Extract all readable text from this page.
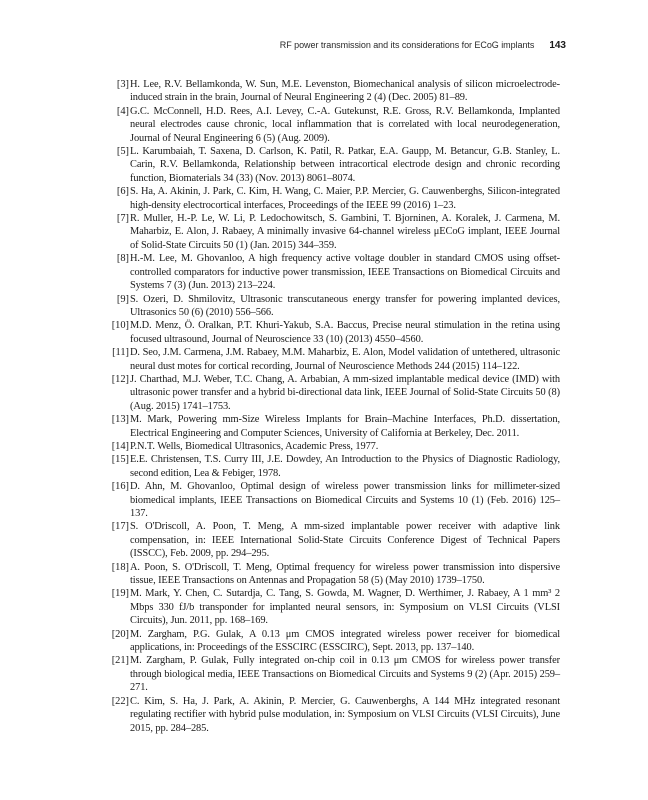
RF power transmission and its considerations for ECoG implants 143
[3] H. Lee, R.V. Bellamkonda, W. Sun, M.E. Levenston, Biomechanical analysis of silicon microelectrode-induced strain in the brain, Journal of Neural Engineering 2 (4) (Dec. 2005) 81–89.
[4] G.C. McConnell, H.D. Rees, A.I. Levey, C.-A. Gutekunst, R.E. Gross, R.V. Bellamkonda, Implanted neural electrodes cause chronic, local inflammation that is correlated with local neurodegeneration, Journal of Neural Engineering 6 (5) (Aug. 2009).
[5] L. Karumbaiah, T. Saxena, D. Carlson, K. Patil, R. Patkar, E.A. Gaupp, M. Betancur, G.B. Stanley, L. Carin, R.V. Bellamkonda, Relationship between intracortical electrode design and chronic recording function, Biomaterials 34 (33) (Nov. 2013) 8061–8074.
[6] S. Ha, A. Akinin, J. Park, C. Kim, H. Wang, C. Maier, P.P. Mercier, G. Cauwenberghs, Silicon-integrated high-density electrocortical interfaces, Proceedings of the IEEE 99 (2016) 1–23.
[7] R. Muller, H.-P. Le, W. Li, P. Ledochowitsch, S. Gambini, T. Bjorninen, A. Koralek, J. Carmena, M. Maharbiz, E. Alon, J. Rabaey, A minimally invasive 64-channel wireless μECoG implant, IEEE Journal of Solid-State Circuits 50 (1) (Jan. 2015) 344–359.
[8] H.-M. Lee, M. Ghovanloo, A high frequency active voltage doubler in standard CMOS using offset-controlled comparators for inductive power transmission, IEEE Transactions on Biomedical Circuits and Systems 7 (3) (Jun. 2013) 213–224.
[9] S. Ozeri, D. Shmilovitz, Ultrasonic transcutaneous energy transfer for powering implanted devices, Ultrasonics 50 (6) (2010) 556–566.
[10] M.D. Menz, Ö. Oralkan, P.T. Khuri-Yakub, S.A. Baccus, Precise neural stimulation in the retina using focused ultrasound, Journal of Neuroscience 33 (10) (2013) 4550–4560.
[11] D. Seo, J.M. Carmena, J.M. Rabaey, M.M. Maharbiz, E. Alon, Model validation of untethered, ultrasonic neural dust motes for cortical recording, Journal of Neuroscience Methods 244 (2015) 114–122.
[12] J. Charthad, M.J. Weber, T.C. Chang, A. Arbabian, A mm-sized implantable medical device (IMD) with ultrasonic power transfer and a hybrid bi-directional data link, IEEE Journal of Solid-State Circuits 50 (8) (Aug. 2015) 1741–1753.
[13] M. Mark, Powering mm-Size Wireless Implants for Brain–Machine Interfaces, Ph.D. dissertation, Electrical Engineering and Computer Sciences, University of California at Berkeley, Dec. 2011.
[14] P.N.T. Wells, Biomedical Ultrasonics, Academic Press, 1977.
[15] E.E. Christensen, T.S. Curry III, J.E. Dowdey, An Introduction to the Physics of Diagnostic Radiology, second edition, Lea & Febiger, 1978.
[16] D. Ahn, M. Ghovanloo, Optimal design of wireless power transmission links for millimeter-sized biomedical implants, IEEE Transactions on Biomedical Circuits and Systems 10 (1) (Feb. 2016) 125–137.
[17] S. O'Driscoll, A. Poon, T. Meng, A mm-sized implantable power receiver with adaptive link compensation, in: IEEE International Solid-State Circuits Conference Digest of Technical Papers (ISSCC), Feb. 2009, pp. 294–295.
[18] A. Poon, S. O'Driscoll, T. Meng, Optimal frequency for wireless power transmission into dispersive tissue, IEEE Transactions on Antennas and Propagation 58 (5) (May 2010) 1739–1750.
[19] M. Mark, Y. Chen, C. Sutardja, C. Tang, S. Gowda, M. Wagner, D. Werthimer, J. Rabaey, A 1 mm³ 2 Mbps 330 fJ/b transponder for implanted neural sensors, in: Symposium on VLSI Circuits (VLSI Circuits), Jun. 2011, pp. 168–169.
[20] M. Zargham, P.G. Gulak, A 0.13 μm CMOS integrated wireless power receiver for biomedical applications, in: Proceedings of the ESSCIRC (ESSCIRC), Sept. 2013, pp. 137–140.
[21] M. Zargham, P. Gulak, Fully integrated on-chip coil in 0.13 μm CMOS for wireless power transfer through biological media, IEEE Transactions on Biomedical Circuits and Systems 9 (2) (Apr. 2015) 259–271.
[22] C. Kim, S. Ha, J. Park, A. Akinin, P. Mercier, G. Cauwenberghs, A 144 MHz integrated resonant regulating rectifier with hybrid pulse modulation, in: Symposium on VLSI Circuits (VLSI Circuits), June 2015, pp. 284–285.
